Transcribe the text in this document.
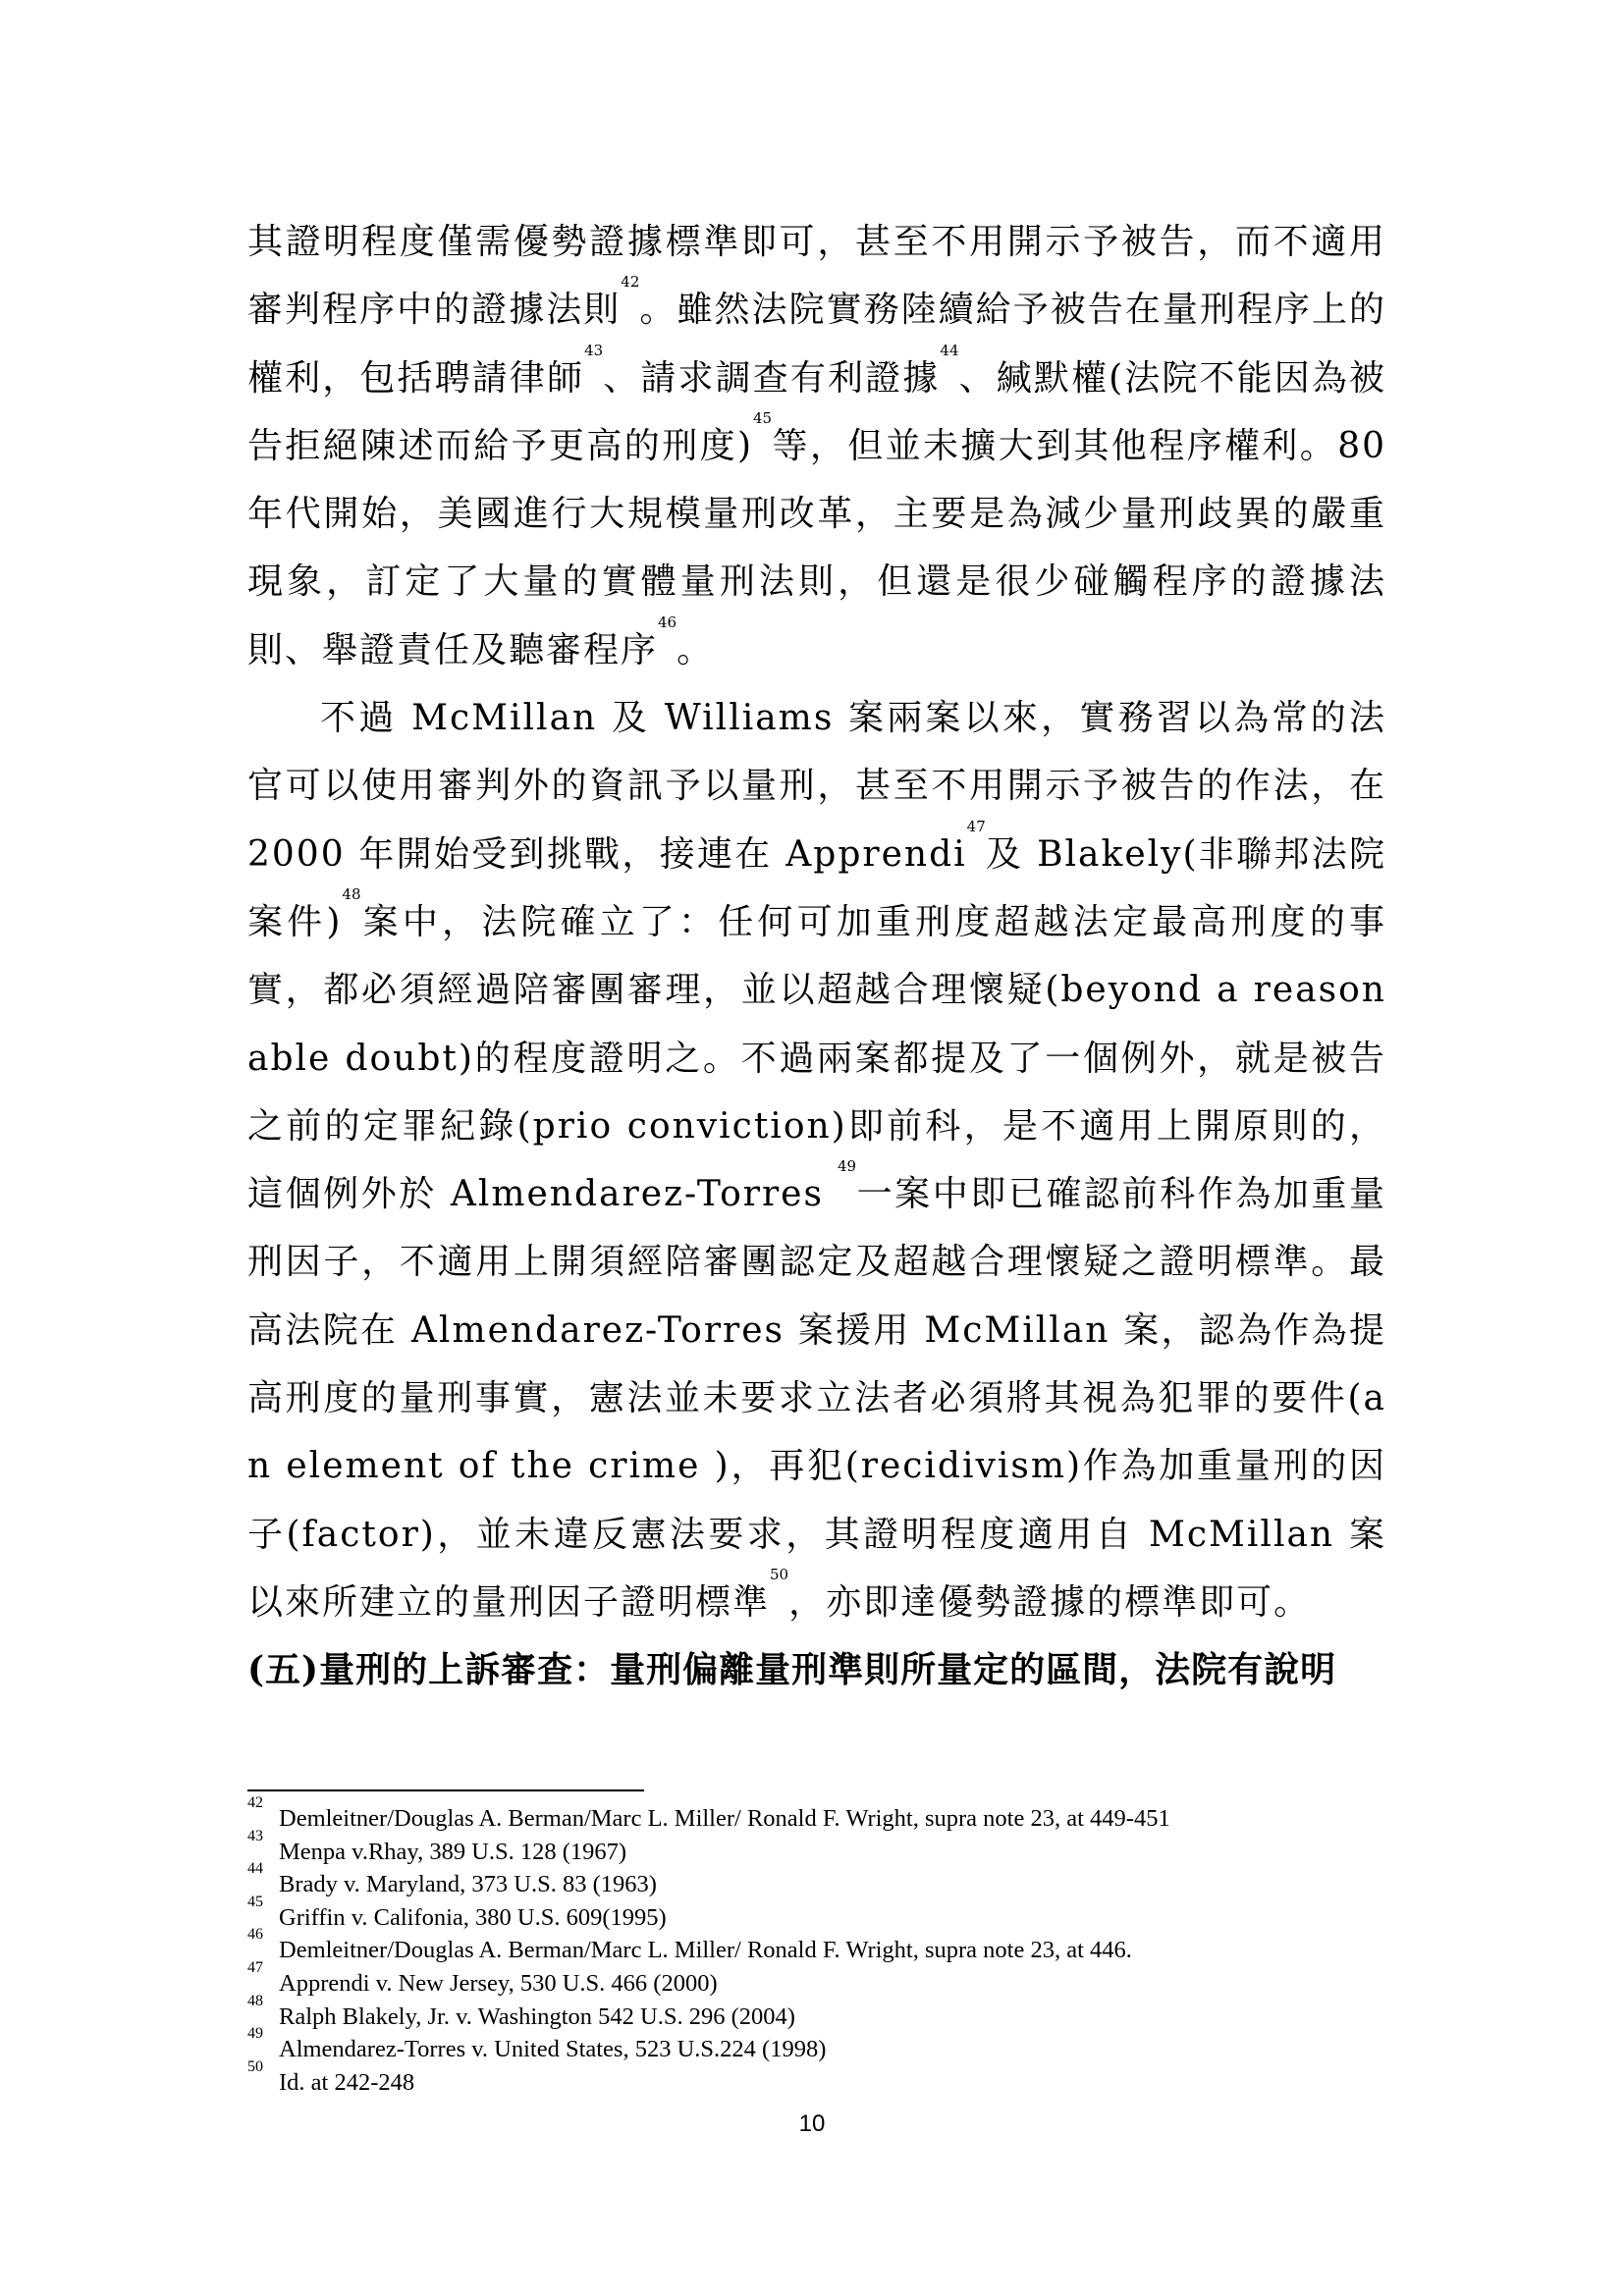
其證明程度僅需優勢證據標準即可，甚至不用開示予被告，而不適用審判程序中的證據法則$^{42}$。雖然法院實務陸續給予被告在量刑程序上的權利，包括聘請律師$^{43}$、請求調查有利證據$^{44}$、緘默權(法院不能因為被告拒絕陳述而給予更高的刑度)$^{45}$等，但並未擴大到其他程序權利。80 年代開始，美國進行大規模量刑改革，主要是為減少量刑歧異的嚴重現象，訂定了大量的實體量刑法則，但還是很少碰觸程序的證據法則、舉證責任及聽審程序$^{46}$。

不過 McMillan 及 Williams 案兩案以來，實務習以為常的法官可以使用審判外的資訊予以量刑，甚至不用開示予被告的作法，在 2000 年開始受到挑戰，接連在 Apprendi$^{47}$及 Blakely(非聯邦法院案件)$^{48}$案中，法院確立了：任何可加重刑度超越法定最高刑度的事實，都必須經過陪審團審理，並以超越合理懷疑(beyond a reasonable doubt)的程度證明之。不過兩案都提及了一個例外，就是被告之前的定罪紀錄(prio conviction)即前科，是不適用上開原則的，這個例外於 Almendarez-Torres $^{49}$一案中即已確認前科作為加重量刑因子，不適用上開須經陪審團認定及超越合理懷疑之證明標準。最高法院在 Almendarez-Torres 案援用 McMillan 案，認為作為提高刑度的量刑事實，憲法並未要求立法者必須將其視為犯罪的要件(an element of the crime )，再犯(recidivism)作為加重量刑的因子(factor)，並未違反憲法要求，其證明程度適用自 McMillan 案以來所建立的量刑因子證明標準$^{50}$，亦即達優勢證據的標準即可。

(五)量刑的上訴審查：量刑偏離量刑準則所量定的區間，法院有說明

42
Demleitner/Douglas A. Berman/Marc L. Miller/ Ronald F. Wright, supra note 23, at 449-451
43
Menpa v.Rhay, 389 U.S. 128 (1967)
44
Brady v. Maryland, 373 U.S. 83 (1963)
45
Griffin v. Califonia, 380 U.S. 609(1995)
46
Demleitner/Douglas A. Berman/Marc L. Miller/ Ronald F. Wright, supra note 23, at 446.
47
Apprendi v. New Jersey, 530 U.S. 466 (2000)
48
Ralph Blakely, Jr. v. Washington 542 U.S. 296 (2004)
49
Almendarez-Torres v. United States, 523 U.S.224 (1998)
50
Id. at 242-248
10
